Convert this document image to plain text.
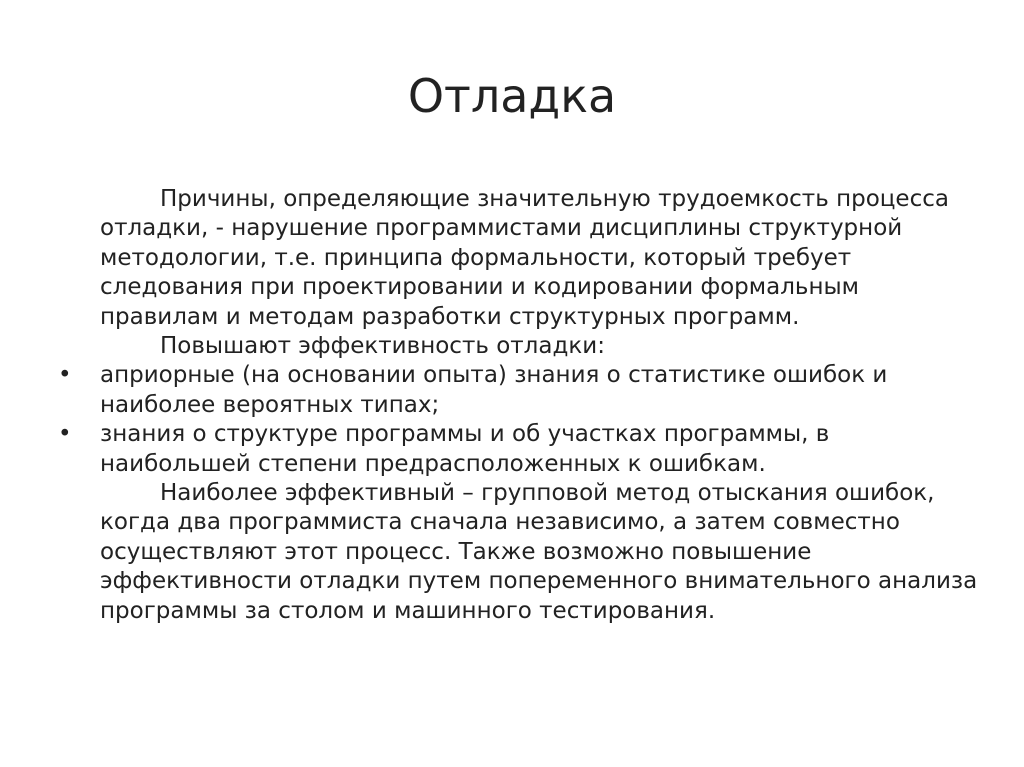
Отладка

Причины, определяющие значительную трудоемкость процесса отладки, - нарушение программистами дисциплины структурной методологии, т.е. принципа формальности, который требует следования при проектировании и кодировании формальным правилам и методам разработки структурных программ.

Повышают эффективность отладки:

• априорные (на основании опыта) знания о статистике ошибок и наиболее вероятных типах;
• знания о структуре программы и об участках программы, в наибольшей степени предрасположенных к ошибкам.

Наиболее эффективный – групповой метод отыскания ошибок, когда два программиста сначала независимо, а затем совместно осуществляют этот процесс. Также возможно повышение эффективности отладки путем попеременного внимательного анализа программы за столом и машинного тестирования.
